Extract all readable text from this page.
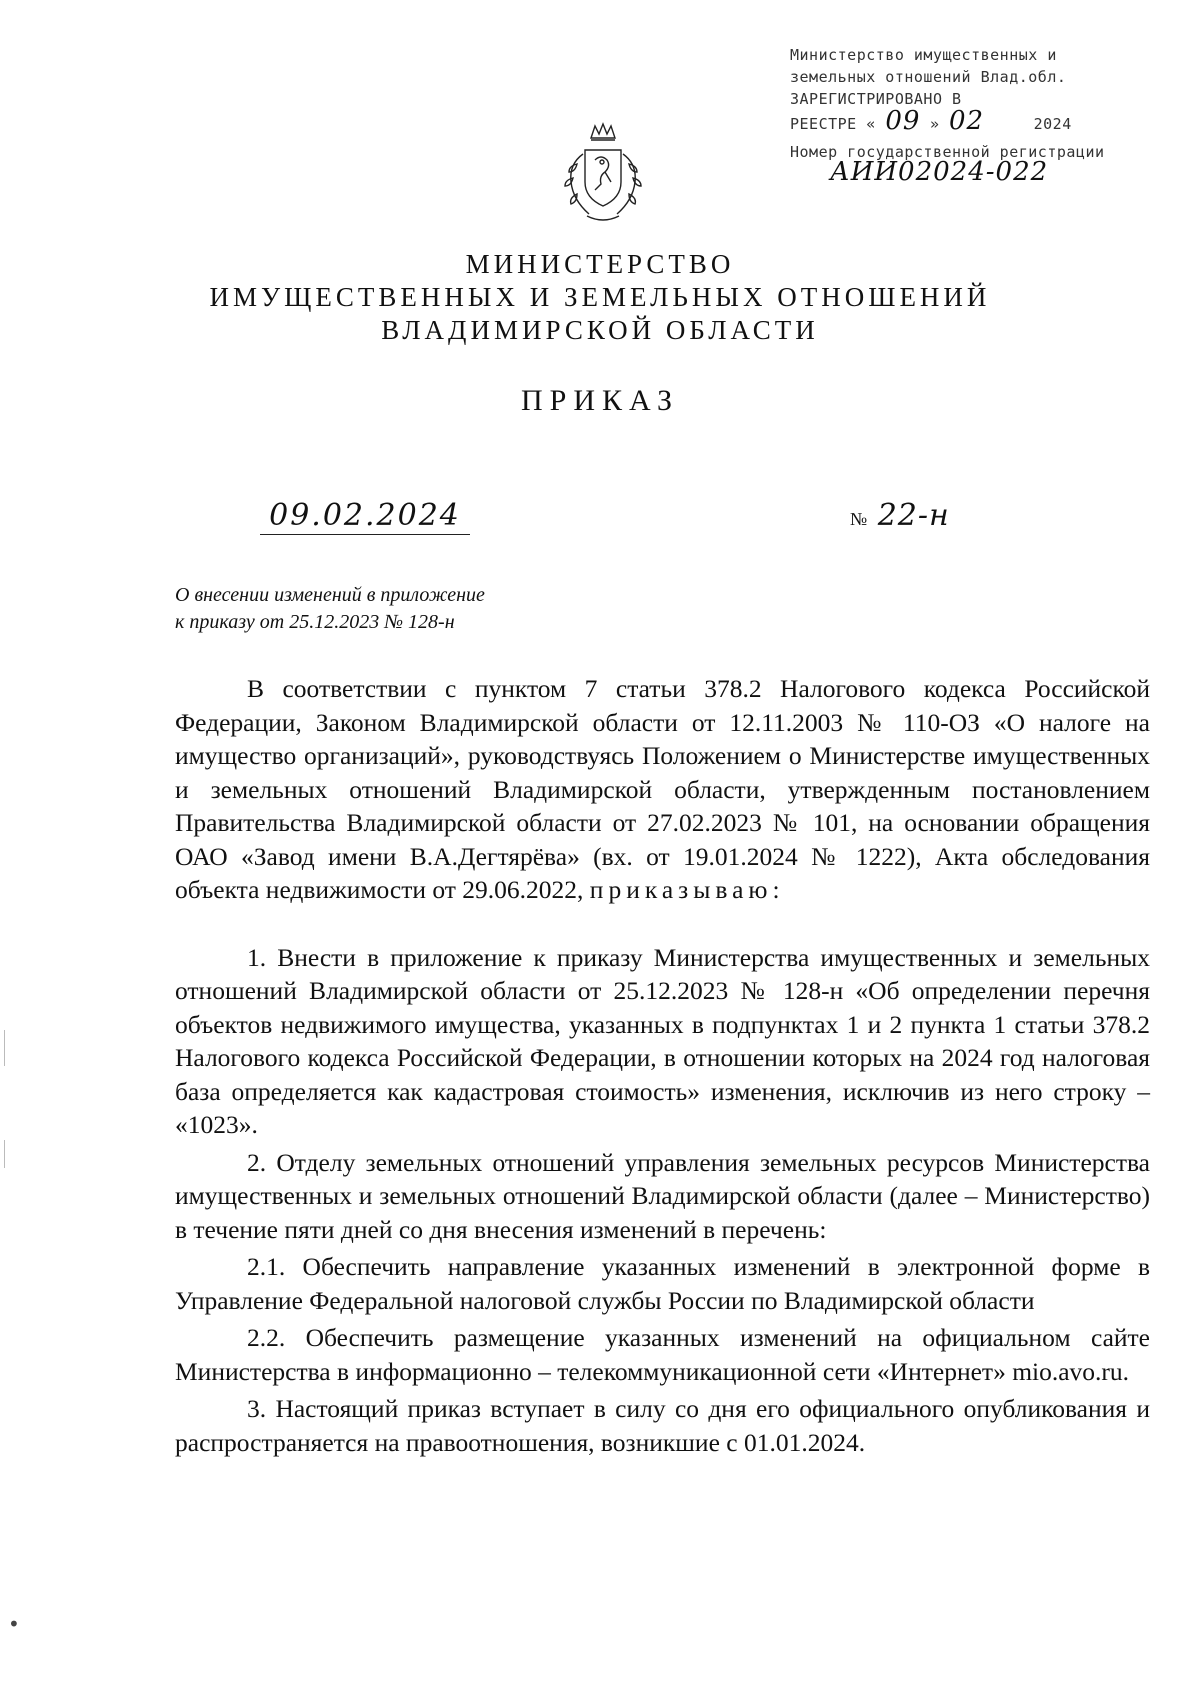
Министерство имущественных и
земельных отношений Влад.обл.
ЗАРЕГИСТРИРОВАНО В
РЕЕСТРЕ « 09 » 02	2024
Номер государственной регистрации
АИИ02024-022
МИНИСТЕРСТВО
ИМУЩЕСТВЕННЫХ И ЗЕМЕЛЬНЫХ ОТНОШЕНИЙ
ВЛАДИМИРСКОЙ ОБЛАСТИ
ПРИКАЗ
09.02.2024	№ 22-н
О внесении изменений в приложение
к приказу от 25.12.2023 № 128-н

В соответствии с пунктом 7 статьи 378.2 Налогового кодекса Российской Федерации, Законом Владимирской области от 12.11.2003 № 110-ОЗ «О налоге на имущество организаций», руководствуясь Положением о Министерстве имущественных и земельных отношений Владимирской области, утвержденным постановлением Правительства Владимирской области от 27.02.2023 № 101, на основании обращения ОАО «Завод имени В.А.Дегтярёва» (вх. от 19.01.2024 № 1222), Акта обследования объекта недвижимости от 29.06.2022, приказываю:

1. Внести в приложение к приказу Министерства имущественных и земельных отношений Владимирской области от 25.12.2023 № 128-н «Об определении перечня объектов недвижимого имущества, указанных в подпунктах 1 и 2 пункта 1 статьи 378.2 Налогового кодекса Российской Федерации, в отношении которых на 2024 год налоговая база определяется как кадастровая стоимость» изменения, исключив из него строку – «1023».

2. Отделу земельных отношений управления земельных ресурсов Министерства имущественных и земельных отношений Владимирской области (далее – Министерство) в течение пяти дней со дня внесения изменений в перечень:

2.1. Обеспечить направление указанных изменений в электронной форме в Управление Федеральной налоговой службы России по Владимирской области

2.2. Обеспечить размещение указанных изменений на официальном сайте Министерства в информационно – телекоммуникационной сети «Интернет» mio.avo.ru.

3. Настоящий приказ вступает в силу со дня его официального опубликования и распространяется на правоотношения, возникшие с 01.01.2024.

•
